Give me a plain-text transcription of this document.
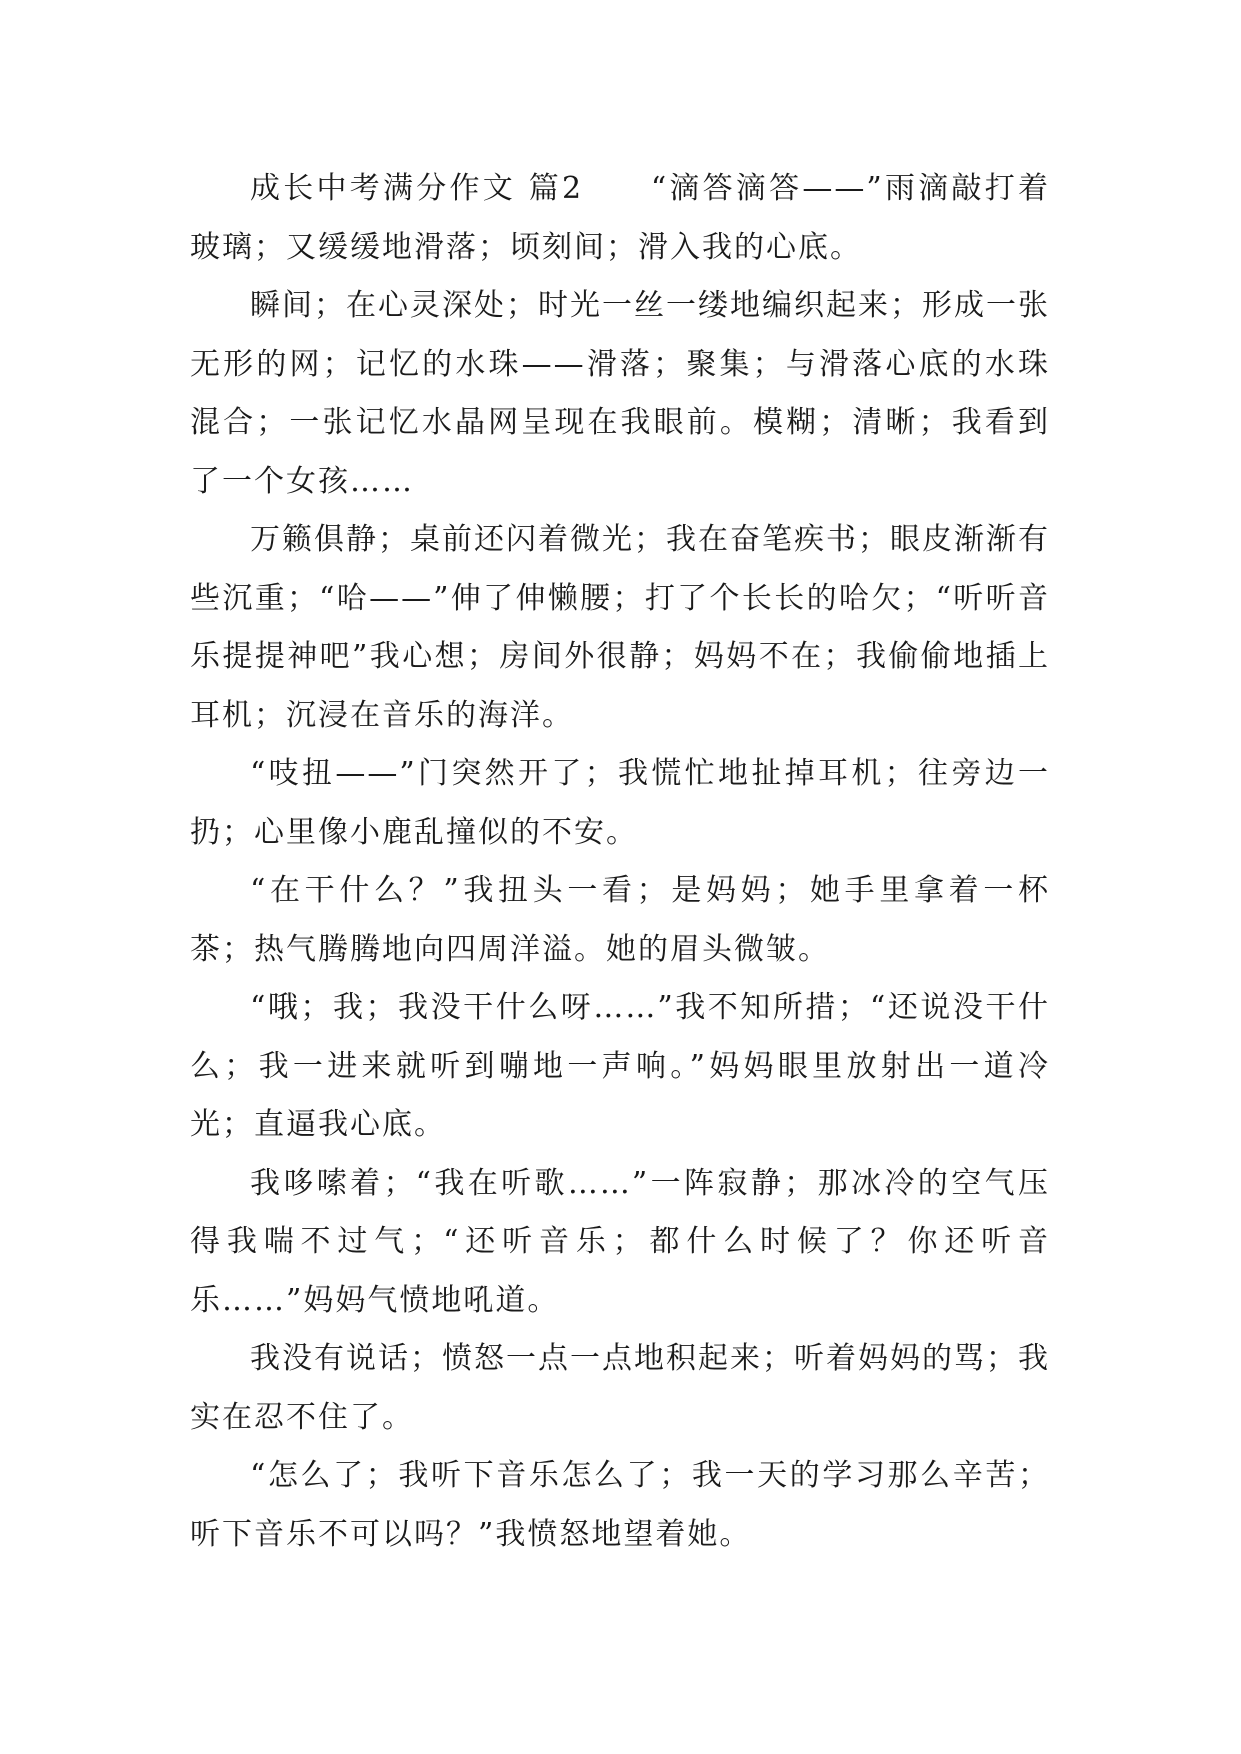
成长中考满分作文 篇2　　“滴答滴答——”雨滴敲打着玻璃；又缓缓地滑落；顷刻间；滑入我的心底。

瞬间；在心灵深处；时光一丝一缕地编织起来；形成一张无形的网；记忆的水珠——滑落；聚集；与滑落心底的水珠混合；一张记忆水晶网呈现在我眼前。模糊；清晰；我看到了一个女孩……

万籁俱静；桌前还闪着微光；我在奋笔疾书；眼皮渐渐有些沉重；“哈——”伸了伸懒腰；打了个长长的哈欠；“听听音乐提提神吧”我心想；房间外很静；妈妈不在；我偷偷地插上耳机；沉浸在音乐的海洋。

“吱扭——”门突然开了；我慌忙地扯掉耳机；往旁边一扔；心里像小鹿乱撞似的不安。

“在干什么？”我扭头一看；是妈妈；她手里拿着一杯茶；热气腾腾地向四周洋溢。她的眉头微皱。

“哦；我；我没干什么呀……”我不知所措；“还说没干什么；我一进来就听到嘣地一声响。”妈妈眼里放射出一道冷光；直逼我心底。

我哆嗦着；“我在听歌……”一阵寂静；那冰冷的空气压得我喘不过气；“还听音乐；都什么时候了？你还听音乐……”妈妈气愤地吼道。

我没有说话；愤怒一点一点地积起来；听着妈妈的骂；我实在忍不住了。

“怎么了；我听下音乐怎么了；我一天的学习那么辛苦；听下音乐不可以吗？”我愤怒地望着她。
